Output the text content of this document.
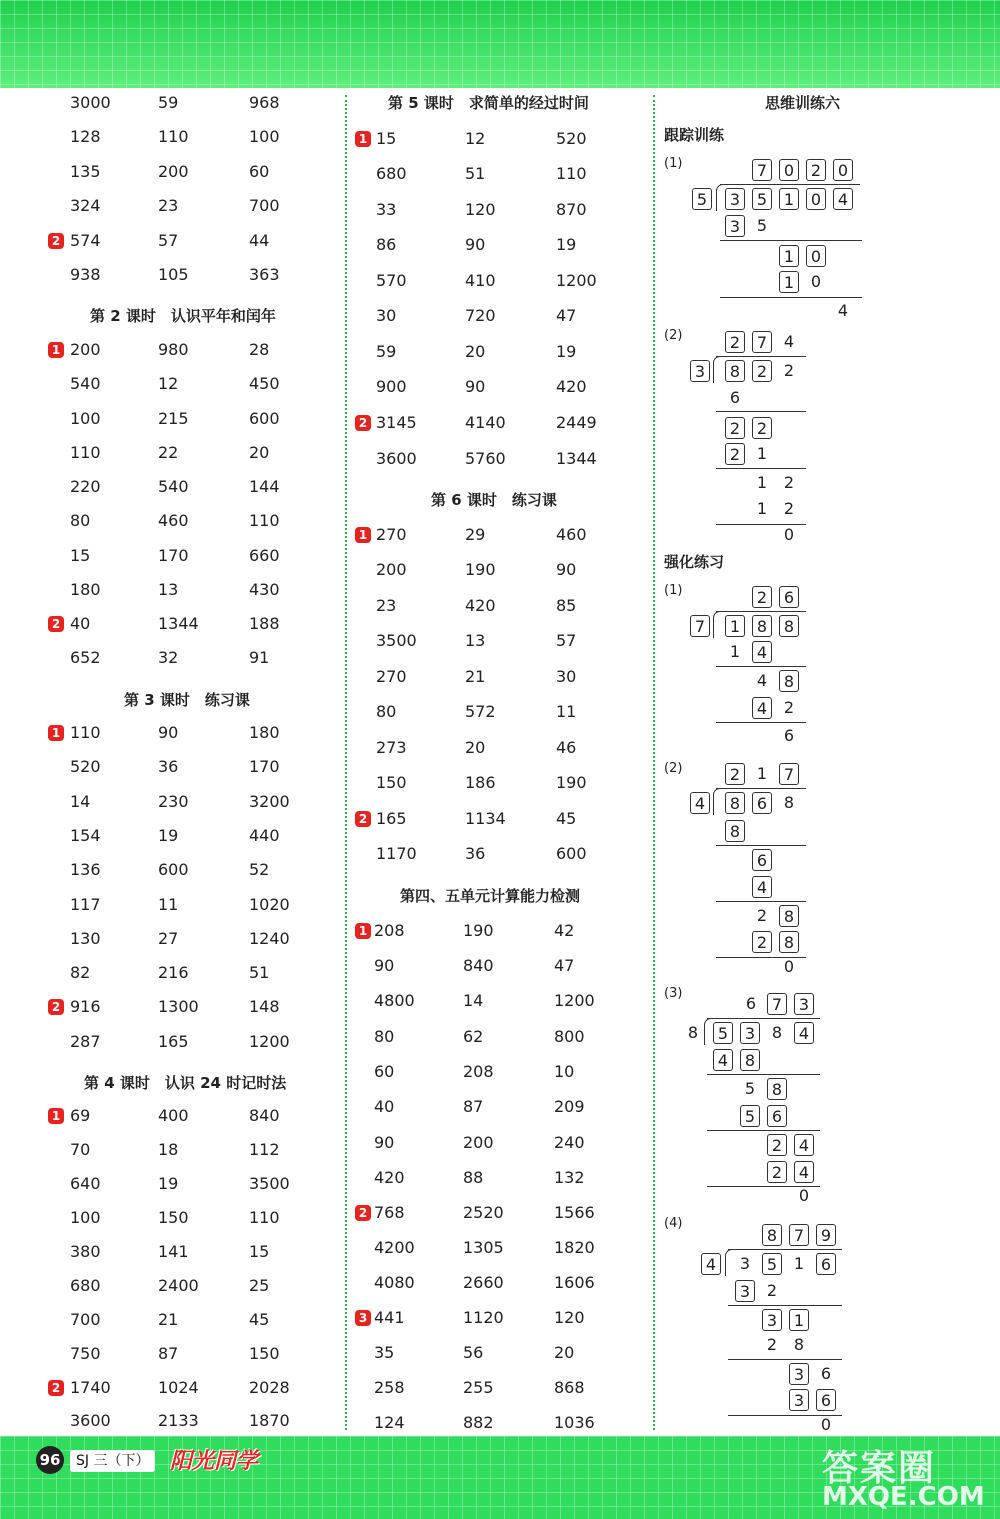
3000	59	968
128	110	100
135	200	60
324	23	700
2 574	57	44
938	105	363
第 2 课时　认识平年和闰年
1 200	980	28
540	12	450
100	215	600
110	22	20
220	540	144
80	460	110
15	170	660
180	13	430
2 40	1344	188
652	32	91
第 3 课时　练习课
1 110	90	180
520	36	170
14	230	3200
154	19	440
136	600	52
117	11	1020
130	27	1240
82	216	51
2 916	1300	148
287	165	1200
第 4 课时　认识 24 时记时法
1 69	400	840
70	18	112
640	19	3500
100	150	110
380	141	15
680	2400	25
700	21	45
750	87	150
2 1740	1024	2028
3600	2133	1870
第 5 课时　求简单的经过时间
1 15	12	520
680	51	110
33	120	870
86	90	19
570	410	1200
30	720	47
59	20	19
900	90	420
2 3145	4140	2449
3600	5760	1344
第 6 课时　练习课
1 270	29	460
200	190	90
23	420	85
3500	13	57
270	21	30
80	572	11
273	20	46
150	186	190
2 165	1134	45
1170	36	600
第四、五单元计算能力检测
1 208	190	42
90	840	47
4800	14	1200
80	62	800
60	208	10
40	87	209
90	200	240
420	88	132
2 768	2520	1566
4200	1305	1820
4080	2660	1606
3 441	1120	120
35	56	20
258	255	868
124	882	1036
思维训练六
跟踪训练
(1)	7	0	2	0
5	3	5	1	0	4
3	5
1	0
1	0
4
(2)	2	7	4
3	8	2	2
6
2	2
2	1
1	2
1	2
0
强化练习
(1)	2	6
7	1	8	8
1	4
4	8
4	2
6
(2)	2	1	7
4	8	6	8
8
6
4
2	8
2	8
0
(3)
6 7	3
8	5	3	8	4
4	8
5	8
5	6
2	4
2	4
0
(4)
8	7	9
4	3	5	1	6
3	2
3	1
2	8
3	6
3	6
0
96	SJ 三（下） 阳光同学	答案圈
MXQE.COM
